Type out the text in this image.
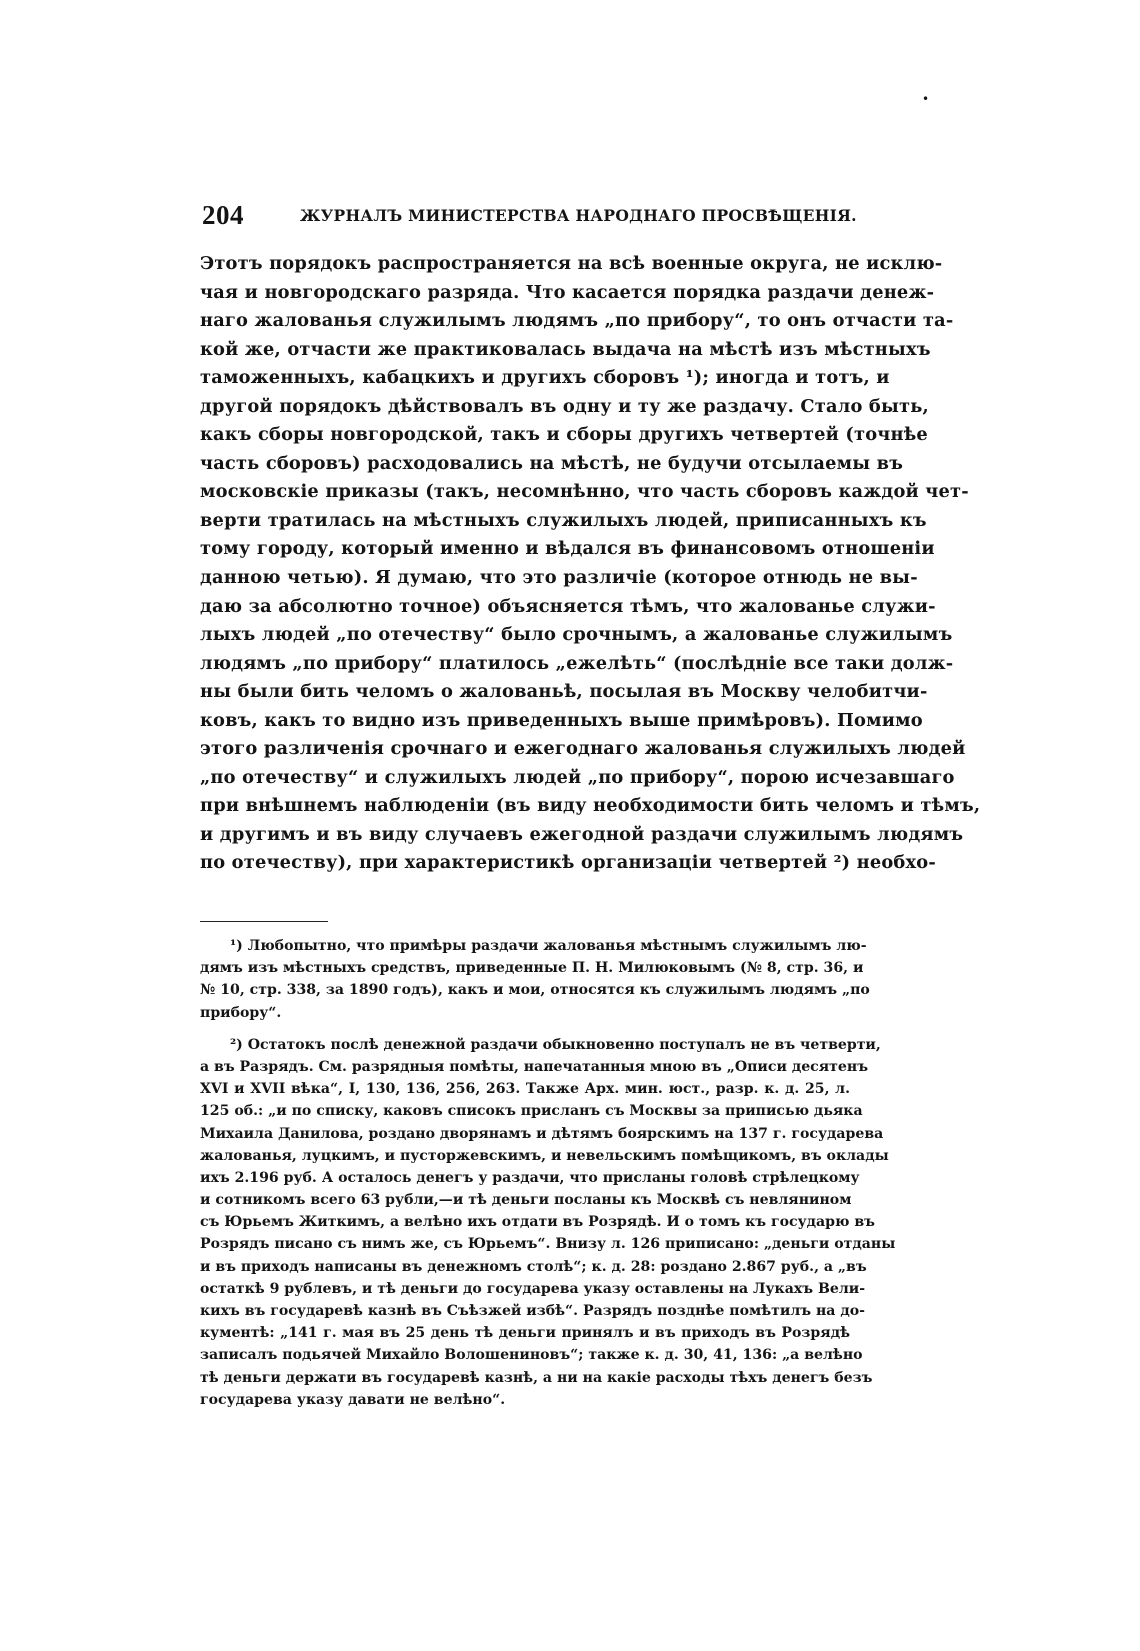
•
204	ЖУРНАЛЪ МИНИСТЕРСТВА НАРОДНАГО ПРОСВѢЩЕНІЯ.
Этотъ порядокъ распространяется на всѣ военные округа, не исклю-
чая и новгородскаго разряда. Что касается порядка раздачи денеж-
наго жалованья служилымъ людямъ „по прибору“, то онъ отчасти та-
кой же, отчасти же практиковалась выдача на мѣстѣ изъ мѣстныхъ
таможенныхъ, кабацкихъ и другихъ сборовъ ¹); иногда и тотъ, и
другой порядокъ дѣйствовалъ въ одну и ту же раздачу. Стало быть,
какъ сборы новгородской, такъ и сборы другихъ четвертей (точнѣе
часть сборовъ) расходовались на мѣстѣ, не будучи отсылаемы въ
московскіе приказы (такъ, несомнѣнно, что часть сборовъ каждой чет-
верти тратилась на мѣстныхъ служилыхъ людей, приписанныхъ къ
тому городу, который именно и вѣдался въ финансовомъ отношеніи
данною четью). Я думаю, что это различіе (которое отнюдь не вы-
даю за абсолютно точное) объясняется тѣмъ, что жалованье служи-
лыхъ людей „по отечеству“ было срочнымъ, а жалованье служилымъ
людямъ „по прибору“ платилось „ежелѣть“ (послѣдніе все таки долж-
ны были бить челомъ о жалованьѣ, посылая въ Москву челобитчи-
ковъ, какъ то видно изъ приведенныхъ выше примѣровъ). Помимо
этого различенія срочнаго и ежегоднаго жалованья служилыхъ людей
„по отечеству“ и служилыхъ людей „по прибору“, порою исчезавшаго
при внѣшнемъ наблюденіи (въ виду необходимости бить челомъ и тѣмъ,
и другимъ и въ виду случаевъ ежегодной раздачи служилымъ людямъ
по отечеству), при характеристикѣ организаціи четвертей ²) необхо-
¹) Любопытно, что примѣры раздачи жалованья мѣстнымъ служилымъ лю-
дямъ изъ мѣстныхъ средствъ, приведенные П. Н. Милюковымъ (№ 8, стр. 36, и
№ 10, стр. 338, за 1890 годъ), какъ и мои, относятся къ служилымъ людямъ „по
прибору“.
²) Остатокъ послѣ денежной раздачи обыкновенно поступалъ не въ четверти,
а въ Разрядъ. См. разрядныя помѣты, напечатанныя мною въ „Описи десятенъ
XVI и XVII вѣка“, I, 130, 136, 256, 263. Также Арх. мин. юст., разр. к. д. 25, л.
125 об.: „и по списку, каковъ списокъ присланъ съ Москвы за приписью дьяка
Михаила Данилова, роздано дворянамъ и дѣтямъ боярскимъ на 137 г. государева
жалованья, луцкимъ, и пусторжевскимъ, и невельскимъ помѣщикомъ, въ оклады
ихъ 2.196 руб. А осталось денегъ у раздачи, что присланы головѣ стрѣлецкому
и сотникомъ всего 63 рубли,—и тѣ деньги посланы къ Москвѣ съ невлянином
съ Юрьемъ Житкимъ, а велѣно ихъ отдати въ Розрядѣ. И о томъ къ государю въ
Розрядъ писано съ нимъ же, съ Юрьемъ“. Внизу л. 126 приписано: „деньги отданы
и въ приходъ написаны въ денежномъ столѣ“; к. д. 28: роздано 2.867 руб., а „въ
остаткѣ 9 рублевъ, и тѣ деньги до государева указу оставлены на Лукахъ Вели-
кихъ въ государевѣ казнѣ въ Съѣзжей избѣ“. Разрядъ позднѣе помѣтилъ на до-
кументѣ: „141 г. мая въ 25 день тѣ деньги принялъ и въ приходъ въ Розрядѣ
записалъ подьячей Михайло Волошениновъ“; также к. д. 30, 41, 136: „а велѣно
тѣ деньги держати въ государевѣ казнѣ, а ни на какіе расходы тѣхъ денегъ безъ
государева указу давати не велѣно“.
